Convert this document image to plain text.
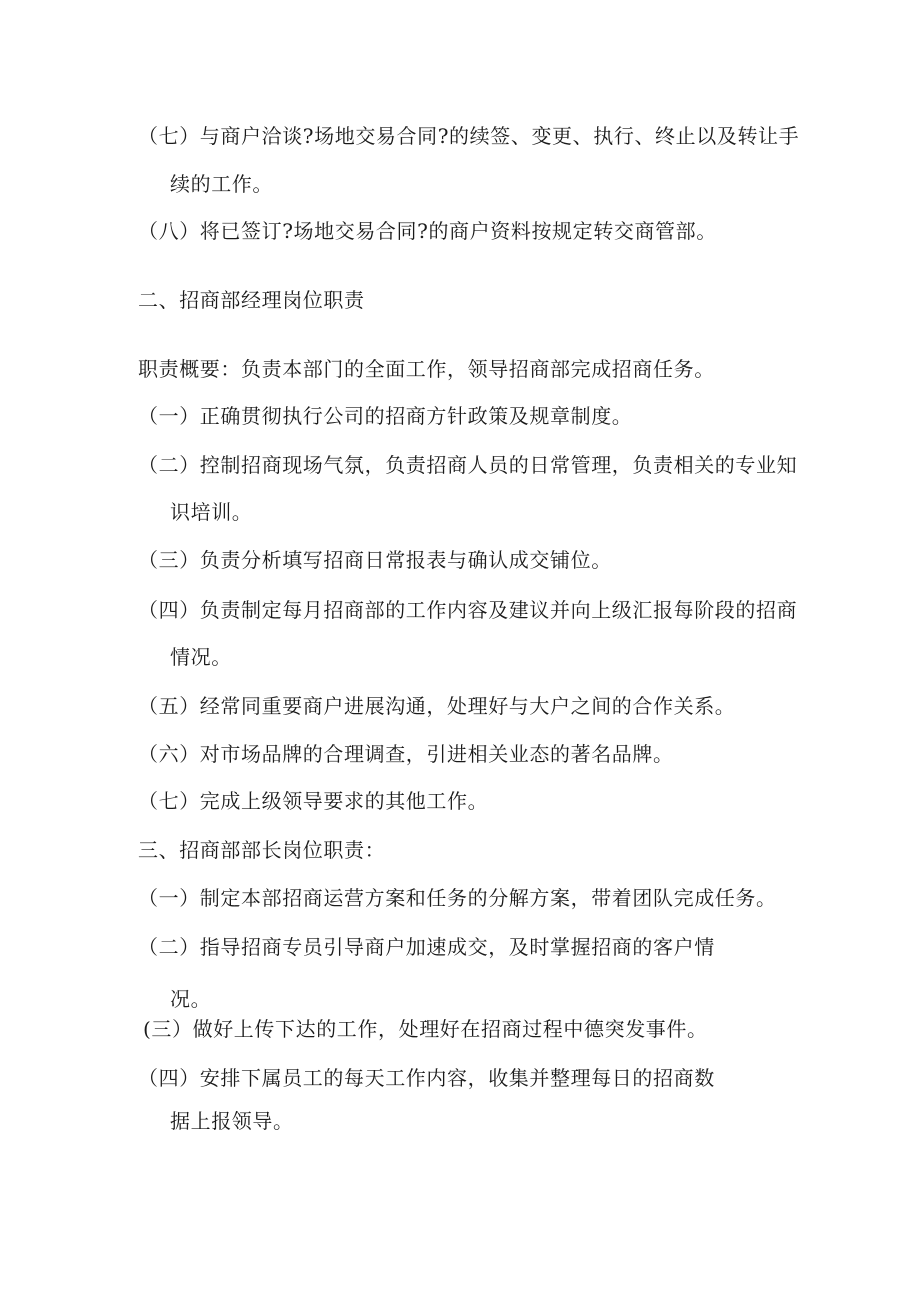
（七）与商户洽谈?场地交易合同?的续签、变更、执行、终止以及转让手
续的工作。
（八）将已签订?场地交易合同?的商户资料按规定转交商管部。
二、招商部经理岗位职责
职责概要：负责本部门的全面工作，领导招商部完成招商任务。
（一）正确贯彻执行公司的招商方针政策及规章制度。
（二）控制招商现场气氛，负责招商人员的日常管理，负责相关的专业知
识培训。
（三）负责分析填写招商日常报表与确认成交铺位。
（四）负责制定每月招商部的工作内容及建议并向上级汇报每阶段的招商
情况。
（五）经常同重要商户进展沟通，处理好与大户之间的合作关系。
（六）对市场品牌的合理调查，引进相关业态的著名品牌。
（七）完成上级领导要求的其他工作。
三、招商部部长岗位职责：
（一）制定本部招商运营方案和任务的分解方案，带着团队完成任务。
（二）指导招商专员引导商户加速成交，及时掌握招商的客户情
况。
(三）做好上传下达的工作，处理好在招商过程中德突发事件。
（四）安排下属员工的每天工作内容，收集并整理每日的招商数
据上报领导。
